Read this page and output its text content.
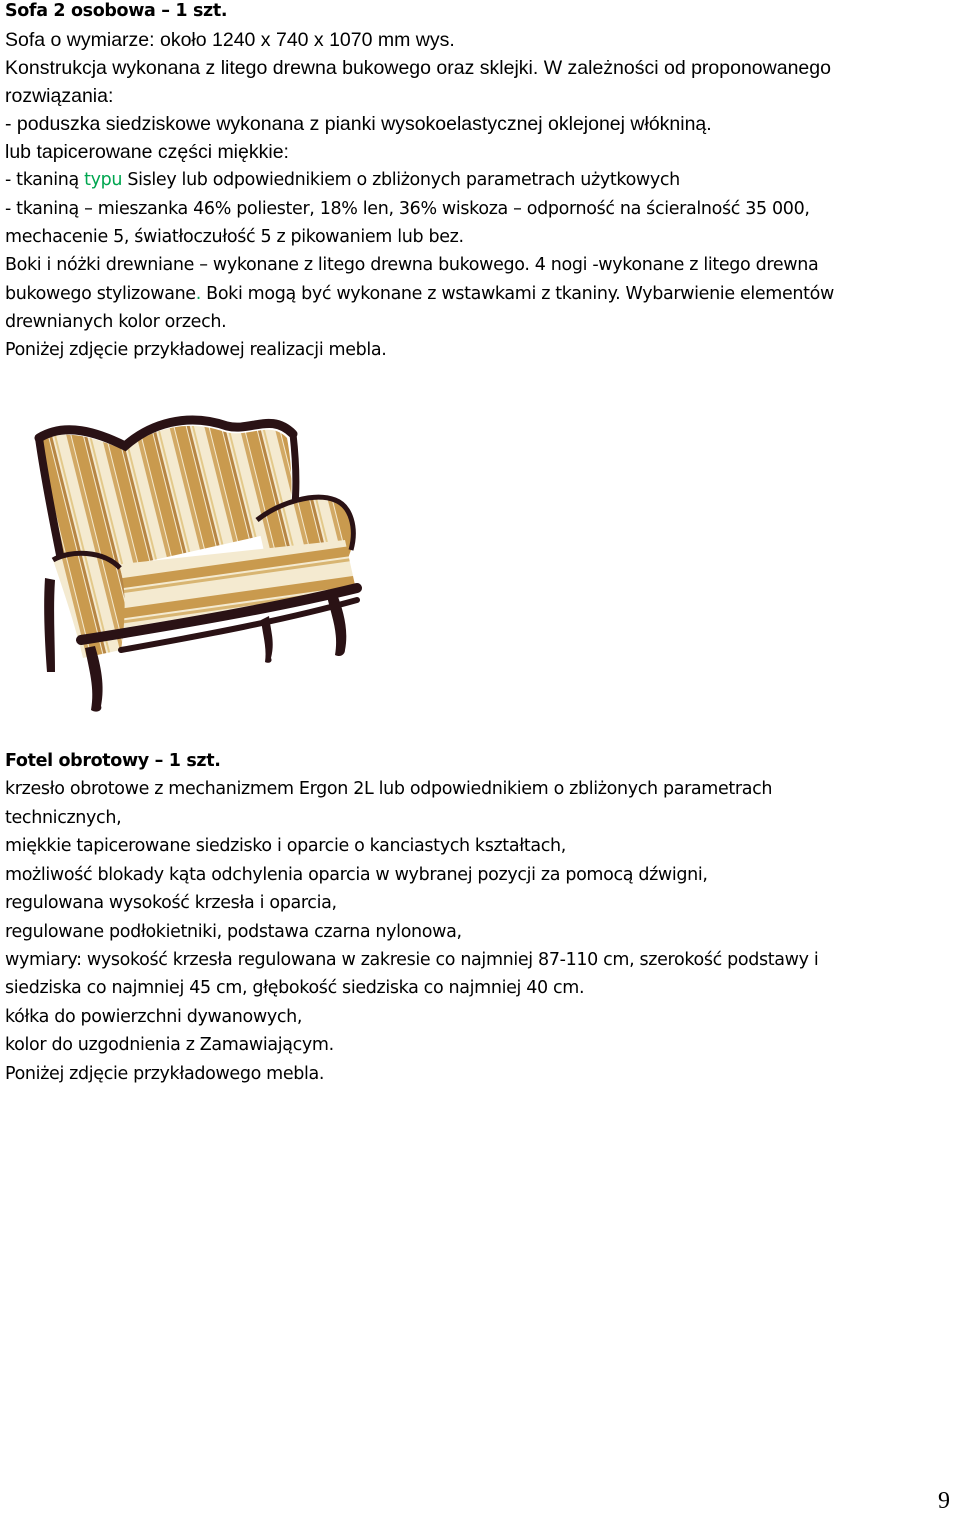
Sofa 2 osobowa – 1 szt.
Sofa o wymiarze: około 1240 x 740 x 1070 mm wys.
Konstrukcja wykonana z litego drewna bukowego oraz sklejki. W zależności od proponowanego
rozwiązania:
- poduszka siedziskowe wykonana z pianki wysokoelastycznej oklejonej włókniną.
lub tapicerowane części miękkie:
- tkaniną typu Sisley lub odpowiednikiem o zbliżonych parametrach użytkowych
- tkaniną – mieszanka 46% poliester, 18% len, 36% wiskoza – odporność na ścieralność 35 000,
mechacenie 5, światłoczułość 5 z pikowaniem lub bez.
Boki i nóżki drewniane – wykonane z litego drewna bukowego. 4 nogi -wykonane z litego drewna
bukowego stylizowane. Boki mogą być wykonane z wstawkami z tkaniny. Wybarwienie elementów
drewnianych kolor orzech.
Poniżej zdjęcie przykładowej realizacji mebla.
Fotel obrotowy – 1 szt.
krzesło obrotowe z mechanizmem Ergon 2L lub odpowiednikiem o zbliżonych parametrach
technicznych,
miękkie tapicerowane siedzisko i oparcie o kanciastych kształtach,
możliwość blokady kąta odchylenia oparcia w wybranej pozycji za pomocą dźwigni,
regulowana wysokość krzesła i oparcia,
regulowane podłokietniki, podstawa czarna nylonowa,
wymiary: wysokość krzesła regulowana w zakresie co najmniej 87-110 cm, szerokość podstawy i
siedziska co najmniej 45 cm, głębokość siedziska co najmniej 40 cm.
kółka do powierzchni dywanowych,
kolor do uzgodnienia z Zamawiającym.
Poniżej zdjęcie przykładowego mebla.
9
